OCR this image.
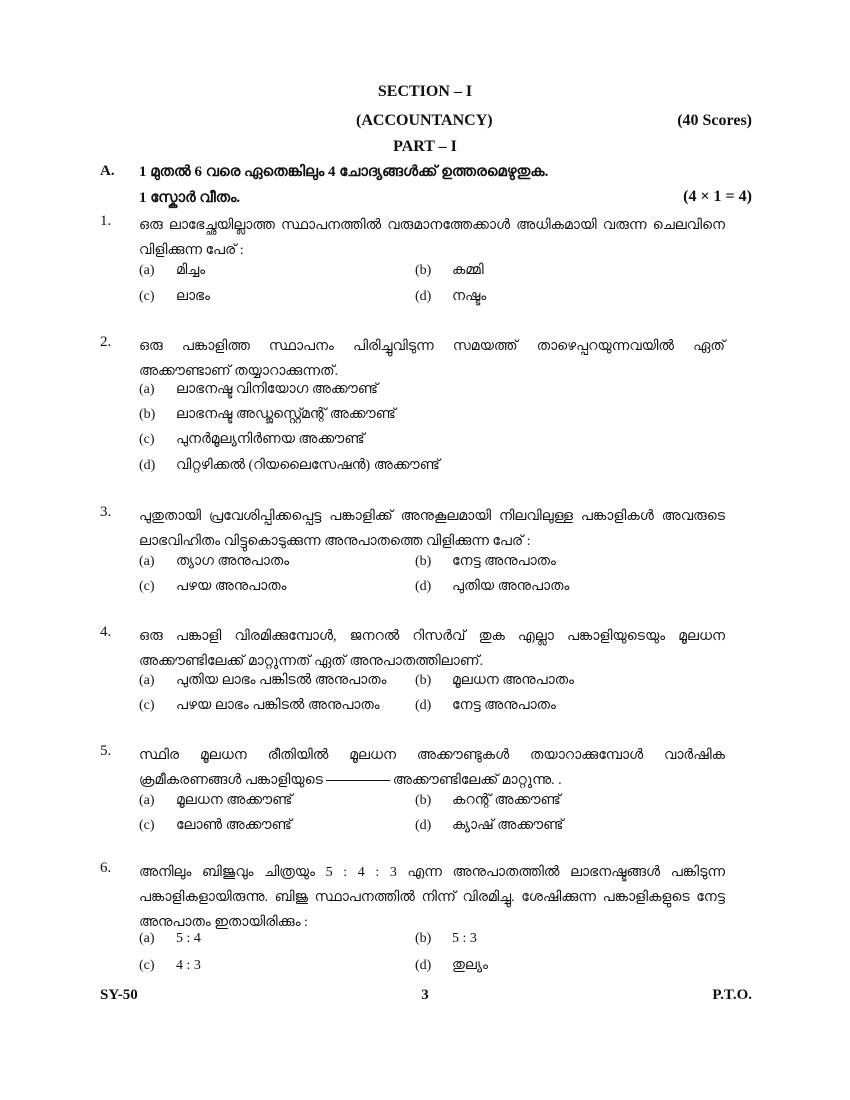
SECTION – I
(ACCOUNTANCY)	(40 Scores)
PART – I
A. 1 മുതൽ 6 വരെ ഏതെങ്കിലും 4 ചോദ്യങ്ങൾക്ക് ഉത്തരമെഴുതുക.
1 സ്കോർ വീതം.	(4 × 1 = 4)
1. ഒരു ലാഭേച്ഛയില്ലാത്ത സ്ഥാപനത്തിൽ വരുമാനത്തേക്കാൾ അധികമായി വരുന്ന ചെലവിനെ വിളിക്കുന്ന പേര് :
(a) മിച്ചം	(b) കമ്മി
(c) ലാഭം	(d) നഷ്ടം
2. ഒരു പങ്കാളിത്ത സ്ഥാപനം പിരിച്ചുവിടുന്ന സമയത്ത് താഴെപ്പറയുന്നവയിൽ ഏത് അക്കൗണ്ടാണ് തയ്യാറാക്കുന്നത്.
(a) ലാഭനഷ്ട വിനിയോഗ അക്കൗണ്ട്
(b) ലാഭനഷ്ട അഡ്ജസ്റ്റ്മെന്റ് അക്കൗണ്ട്
(c) പുനർമൂല്യനിർണയ അക്കൗണ്ട്
(d) വിറ്റഴിക്കൽ (റിയലൈസേഷൻ) അക്കൗണ്ട്
3. പുതുതായി പ്രവേശിപ്പിക്കപ്പെട്ട പങ്കാളിക്ക് അനുകൂലമായി നിലവിലുള്ള പങ്കാളികൾ അവരുടെ ലാഭവിഹിതം വിട്ടുകൊടുക്കുന്ന അനുപാതത്തെ വിളിക്കുന്ന പേര് :
(a) ത്യാഗ അനുപാതം	(b) നേട്ട അനുപാതം
(c) പഴയ അനുപാതം	(d) പുതിയ അനുപാതം
4. ഒരു പങ്കാളി വിരമിക്കുമ്പോൾ, ജനറൽ റിസർവ് തുക എല്ലാ പങ്കാളിയുടെയും മൂലധന അക്കൗണ്ടിലേക്ക് മാറ്റുന്നത് ഏത് അനുപാതത്തിലാണ്.
(a) പുതിയ ലാഭം പങ്കിടൽ അനുപാതം (b) മൂലധന അനുപാതം
(c) പഴയ ലാഭം പങ്കിടൽ അനുപാതം	(d) നേട്ട അനുപാതം
5. സ്ഥിര മൂലധന രീതിയിൽ മൂലധന അക്കൗണ്ടുകൾ തയാറാക്കുമ്പോൾ വാർഷിക ക്രമീകരണങ്ങൾ പങ്കാളിയുടെ	അക്കൗണ്ടിലേക്ക് മാറ്റുന്നു. .
(a) മൂലധന അക്കൗണ്ട്	(b) കറന്റ് അക്കൗണ്ട്
(c) ലോൺ അക്കൗണ്ട്	(d) ക്യാഷ് അക്കൗണ്ട്
6. അനിലും ബിജുവും ചിത്രയും 5 : 4 : 3 എന്ന അനുപാതത്തിൽ ലാഭനഷ്ടങ്ങൾ പങ്കിടുന്ന പങ്കാളികളായിരുന്നു. ബിജു സ്ഥാപനത്തിൽ നിന്ന് വിരമിച്ചു. ശേഷിക്കുന്ന പങ്കാളികളുടെ നേട്ട അനുപാതം ഇതായിരിക്കും :
(a) 5 : 4	(b) 5 : 3
(c) 4 : 3	(d) തുല്യം
SY-50	3	P.T.O.
